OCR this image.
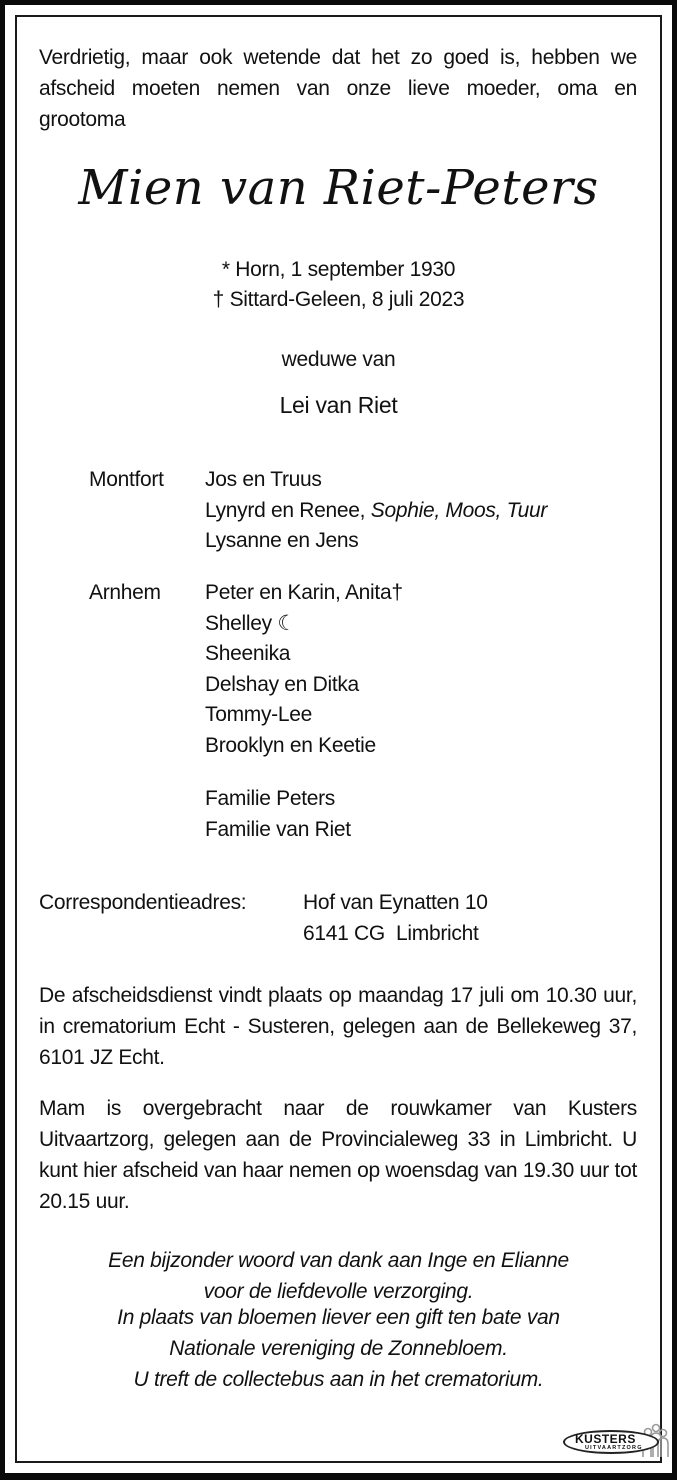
Verdrietig, maar ook wetende dat het zo goed is, hebben we afscheid moeten nemen van onze lieve moeder, oma en grootoma
Mien van Riet-Peters
* Horn, 1 september 1930
† Sittard-Geleen, 8 juli 2023
weduwe van
Lei van Riet
Montfort Jos en Truus
Lynyrd en Renee, Sophie, Moos, Tuur
Lysanne en Jens
Arnhem Peter en Karin, Anita†
Shelley ☾
Sheenika
Delshay en Ditka
Tommy-Lee
Brooklyn en Keetie
Familie Peters
Familie van Riet
Correspondentieadres:	Hof van Eynatten 10
6141 CG  Limbricht
De afscheidsdienst vindt plaats op maandag 17 juli om 10.30 uur, in crematorium Echt - Susteren, gelegen aan de Bellekeweg 37, 6101 JZ Echt.
Mam is overgebracht naar de rouwkamer van Kusters Uitvaartzorg, gelegen aan de Provincialeweg 33 in Limbricht. U kunt hier afscheid van haar nemen op woensdag van 19.30 uur tot 20.15 uur.
Een bijzonder woord van dank aan Inge en Elianne
voor de liefdevolle verzorging.
In plaats van bloemen liever een gift ten bate van
Nationale vereniging de Zonnebloem.
U treft de collectebus aan in het crematorium.
KUSTERS
UITVAARTZORG
